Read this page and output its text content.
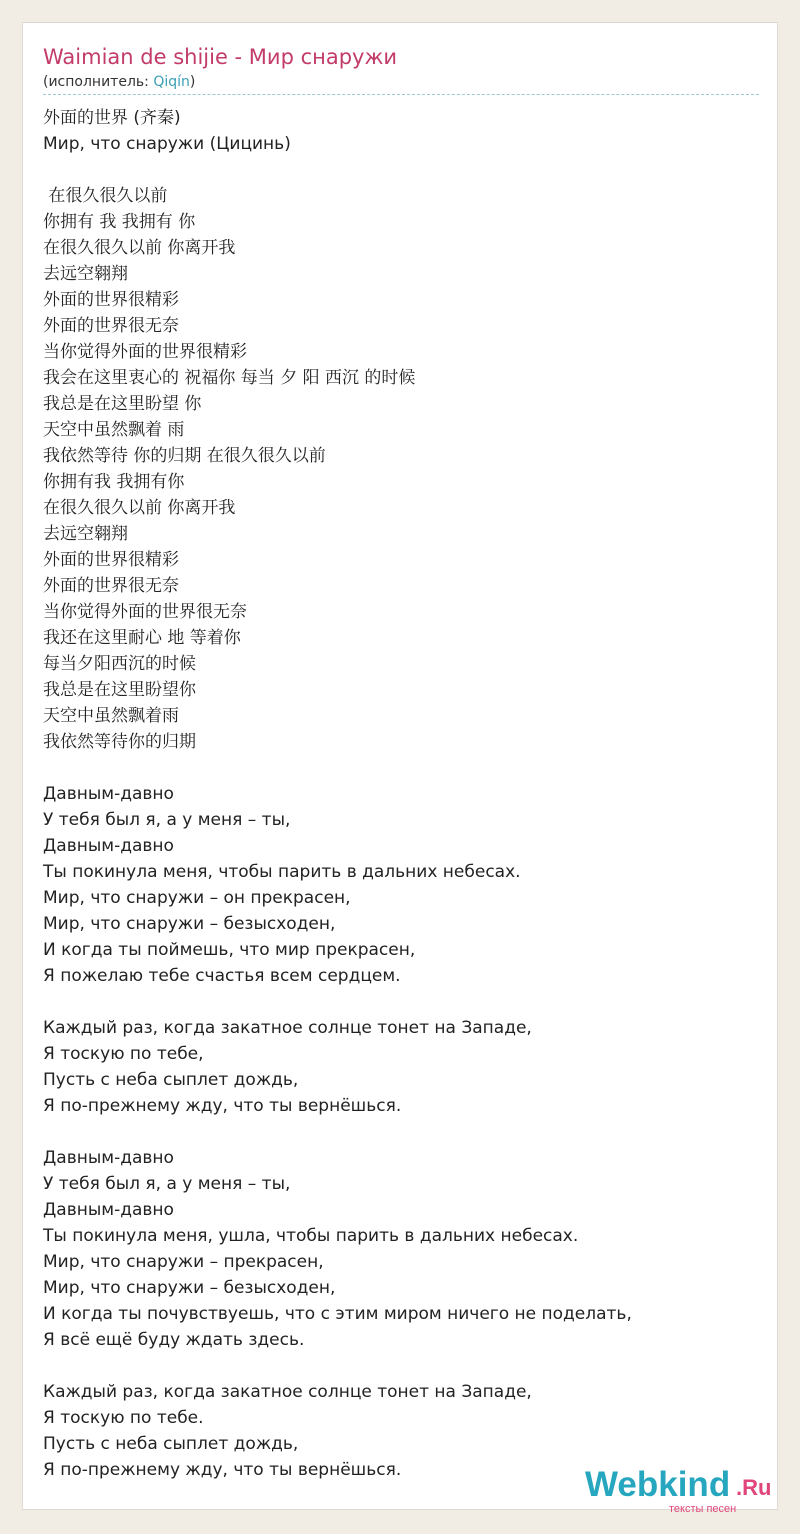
Waimian de shijie - Мир снаружи
(исполнитель: Qiqín)
外面的世界 (齐秦)
Мир, что снаружи (Цицинь)
在很久很久以前
你拥有 我 我拥有 你
在很久很久以前 你离开我
去远空翱翔
外面的世界很精彩
外面的世界很无奈
当你觉得外面的世界很精彩
我会在这里衷心的 祝福你 每当 夕 阳 西沉 的时候
我总是在这里盼望 你
天空中虽然飘着 雨
我依然等待 你的归期 在很久很久以前
你拥有我 我拥有你
在很久很久以前 你离开我
去远空翱翔
外面的世界很精彩
外面的世界很无奈
当你觉得外面的世界很无奈
我还在这里耐心 地 等着你
每当夕阳西沉的时候
我总是在这里盼望你
天空中虽然飘着雨
我依然等待你的归期
Давным-давно
У тебя был я, а у меня – ты,
Давным-давно
Ты покинула меня, чтобы парить в дальних небесах.
Мир, что снаружи – он прекрасен,
Мир, что снаружи – безысходен,
И когда ты поймешь, что мир прекрасен,
Я пожелаю тебе счастья всем сердцем.
Каждый раз, когда закатное солнце тонет на Западе,
Я тоскую по тебе,
Пусть с неба сыплет дождь,
Я по-прежнему жду, что ты вернёшься.
Давным-давно
У тебя был я, а у меня – ты,
Давным-давно
Ты покинула меня, ушла, чтобы парить в дальних небесах.
Мир, что снаружи – прекрасен,
Мир, что снаружи – безысходен,
И когда ты почувствуешь, что с этим миром ничего не поделать,
Я всё ещё буду ждать здесь.
Каждый раз, когда закатное солнце тонет на Западе,
Я тоскую по тебе.
Пусть с неба сыплет дождь,
Я по-прежнему жду, что ты вернёшься.	Webkind .Ru
тексты песен
